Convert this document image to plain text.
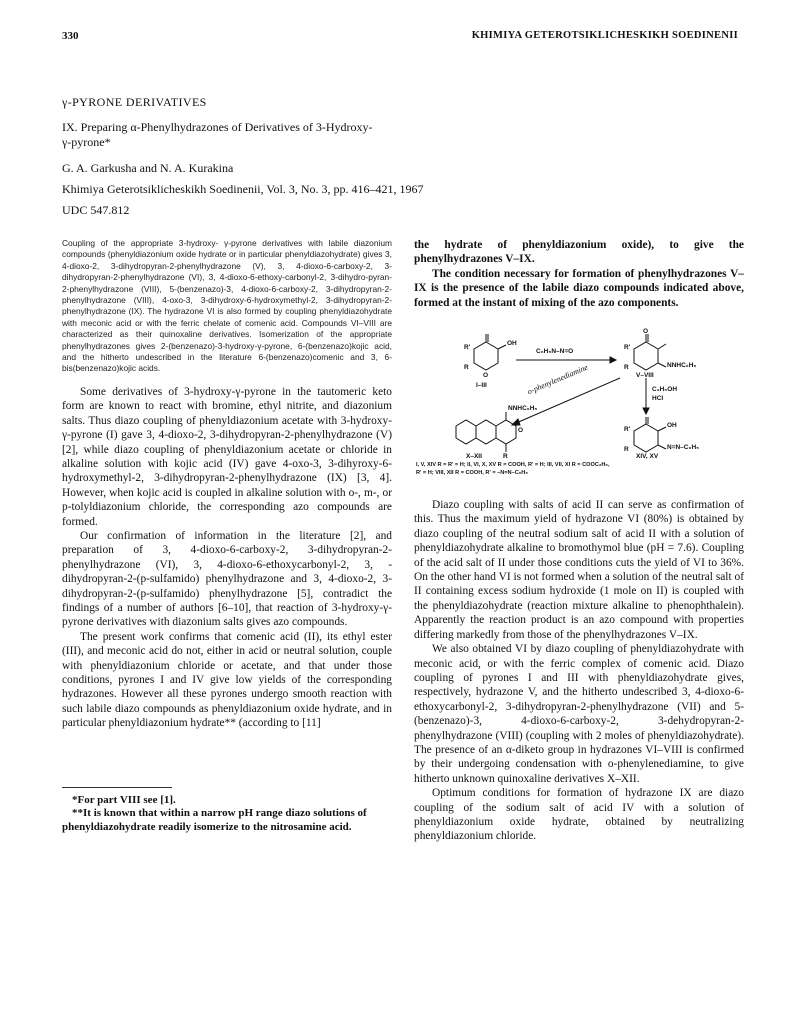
330	KHIMIYA GETEROTSIKLICHESKIKH SOEDINENII

γ-PYRONE DERIVATIVES

IX. Preparing α-Phenylhydrazones of Derivatives of 3-Hydroxy-
γ-pyrone*

G. A. Garkusha and N. A. Kurakina

Khimiya Geterotsiklicheskikh Soedinenii, Vol. 3, No. 3, pp. 416–421, 1967

UDC 547.812

Coupling of the appropriate 3-hydroxy- γ-pyrone derivatives with labile diazonium compounds (phenyldiazonium oxide hydrate or in particular phenyldiazohydrate) gives 3, 4-dioxo-2, 3-dihydropyran-2-phenylhydrazone (V), 3, 4-dioxo-6-carboxy-2, 3-dihydropyran-2-phenylhydrazone (VI), 3, 4-dioxo-6-ethoxy-carbonyl-2, 3-dihydro-pyran-2-phenylhydrazone (VIII), 5-(benzenazo)-3, 4-dioxo-6-carboxy-2, 3-dihydropyran-2-phenylhydrazone (VIII), 4-oxo-3, 3-dihydroxy-6-hydroxymethyl-2, 3-dihydropyran-2-phenylhydrazone (IX). The hydrazone VI is also formed by coupling phenyldiazohydrate with meconic acid or with the ferric chelate of comenic acid. Compounds VI–VIII are characterized as their quinoxaline derivatives. Isomerization of the appropriate phenylhydrazones gives 2-(benzenazo)-3-hydroxy-γ-pyrone, 6-(benzenazo)kojic acid, and the hitherto undescribed in the literature 6-(benzenazo)comenic and 3, 6-bis(benzenazo)kojic acids.

Some derivatives of 3-hydroxy-γ-pyrone in the tautomeric keto form are known to react with bromine, ethyl nitrite, and diazonium salts. Thus diazo coupling of phenyldiazonium acetate with 3-hydroxy-γ-pyrone (I) gave 3, 4-dioxo-2, 3-dihydropyran-2-phenylhydrazone (V) [2], while diazo coupling of phenyldiazonium acetate or chloride in alkaline solution with kojic acid (IV) gave 4-oxo-3, 3-dihyroxy-6-hydroxymethyl-2, 3-dihydropyran-2-phenylhydrazone (IX) [3, 4]. However, when kojic acid is coupled in alkaline solution with o-, m-, or p-tolyldiazonium chloride, the corresponding azo compounds are formed.

Our confirmation of information in the literature [2], and preparation of 3, 4-dioxo-6-carboxy-2, 3-dihydropyran-2-phenylhydrazone (VI), 3, 4-dioxo-6-ethoxycarbonyl-2, 3, -dihydropyran-2-(p-sulfamido) phenylhydrazone and 3, 4-dioxo-2, 3-dihydropyran-2-(p-sulfamido) phenylhydrazone [5], contradict the findings of a number of authors [6–10], that reaction of 3-hydroxy-γ-pyrone derivatives with diazonium salts gives azo compounds.

The present work confirms that comenic acid (II), its ethyl ester (III), and meconic acid do not, either in acid or neutral solution, couple with phenyldiazonium chloride or acetate, and that under those conditions, pyrones I and IV give low yields of the corresponding hydrazones. However all these pyrones undergo smooth reaction with such labile diazo compounds as phenyldiazonium oxide hydrate, and in particular phenyldiazonium hydrate** (according to [11]

*For part VIII see [1].

**It is known that within a narrow pH range diazo solutions of phenyldiazohydrate readily isomerize to the nitrosamine acid.

the hydrate of phenyldiazonium oxide), to give the phenylhydrazones V–IX.

The condition necessary for formation of phenylhydrazones V–IX is the presence of the labile diazo compounds indicated above, formed at the instant of mixing of the azo components.

R'
OH
R
O
I–III
C₆H₅N–N=O
R'
O
NNHC₆H₅
R
V–VIII
C₂H₅OH
HCl
o-phenylenediamine
NNHC₆H₅
O
R
X–XII
R'
OH
N=N–C₆H₅
R
XIV, XV
I, V, XIV R = R' = H; II, VI, X, XV R = COOH, R' = H; III, VII, XI R = COOC₂H₅,
R' = H; VIII, XII R = COOH, R' = –N=N–C₆H₅

Diazo coupling with salts of acid II can serve as confirmation of this. Thus the maximum yield of hydrazone VI (80%) is obtained by diazo coupling of the neutral sodium salt of acid II with a solution of phenyldiazohydrate alkaline to bromothymol blue (pH = 7.6). Coupling of the acid salt of II under those conditions cuts the yield of VI to 36%. On the other hand VI is not formed when a solution of the neutral salt of II containing excess sodium hydroxide (1 mole on II) is coupled with the phenyldiazohydrate (reaction mixture alkaline to phenophthalein). Apparently the reaction product is an azo compound with properties differing markedly from those of the phenylhydrazones V–IX.

We also obtained VI by diazo coupling of phenyldiazohydrate with meconic acid, or with the ferric complex of comenic acid. Diazo coupling of pyrones I and III with phenyldiazohydrate gives, respectively, hydrazone V, and the hitherto undescribed 3, 4-dioxo-6-ethoxycarbonyl-2, 3-dihydropyran-2-phenylhydrazone (VII) and 5-(benzenazo)-3, 4-dioxo-6-carboxy-2, 3-dehydropyran-2-phenylhydrazone (VIII) (coupling with 2 moles of phenyldiazohydrate). The presence of an α-diketo group in hydrazones VI–VIII is confirmed by their undergoing condensation with o-phenylenediamine, to give hitherto unknown quinoxaline derivatives X–XII.

Optimum conditions for formation of hydrazone IX are diazo coupling of the sodium salt of acid IV with a solution of phenyldiazonium oxide hydrate, obtained by neutralizing phenyldiazonium chloride.
